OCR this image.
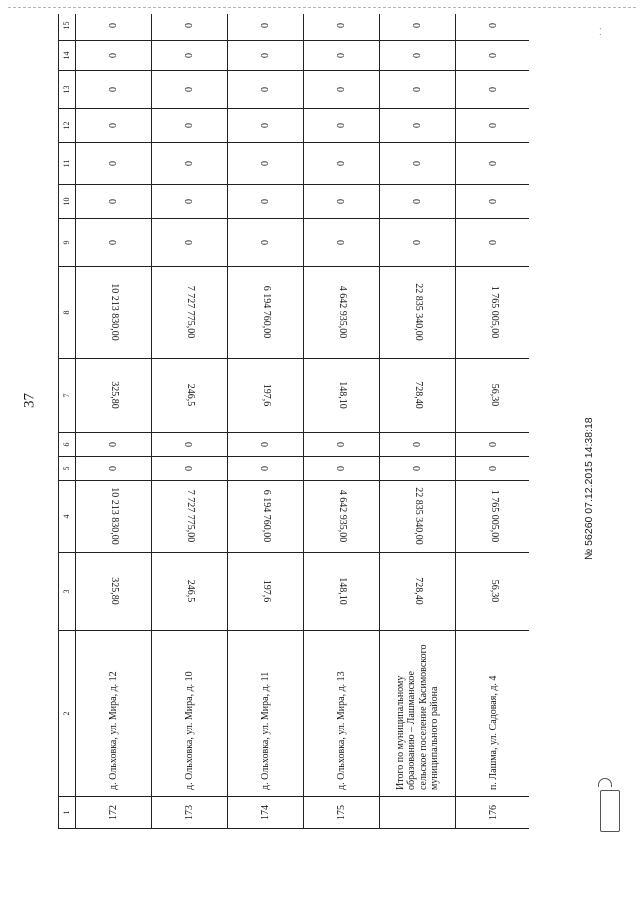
· ·
37
1	2	3	4	5	6	7	8	9	10	11	12	13	14	15	
172	д. Ольховка, ул. Мира, д. 12	325,80	10 213 830,00	0	0	325,80	10 213 830,00	0	0	0	0	0	0	0	
173	д. Ольховка, ул. Мира, д. 10	246,5	7 727 775,00	0	0	246,5	7 727 775,00	0	0	0	0	0	0	0	
174	д. Ольховка, ул. Мира, д. 11	197,6	6 194 760,00	0	0	197,6	6 194 760,00	0	0	0	0	0	0	0	
175	д. Ольховка, ул. Мира, д. 13	148,10	4 642 935,00	0	0	148,10	4 642 935,00	0	0	0	0	0	0	0	
	Итого по муниципальному образованию – Лашманское сельское поселение Касимовского муниципального района	728,40	22 835 340,00	0	0	728,40	22 835 340,00	0	0	0	0	0	0	0	
176	п. Лашма, ул. Садовая, д. 4	56,30	1 765 005,00	0	0	56,30	1 765 005,00	0	0	0	0	0	0	0	
№ 56260 07.12.2015 14:38:18
